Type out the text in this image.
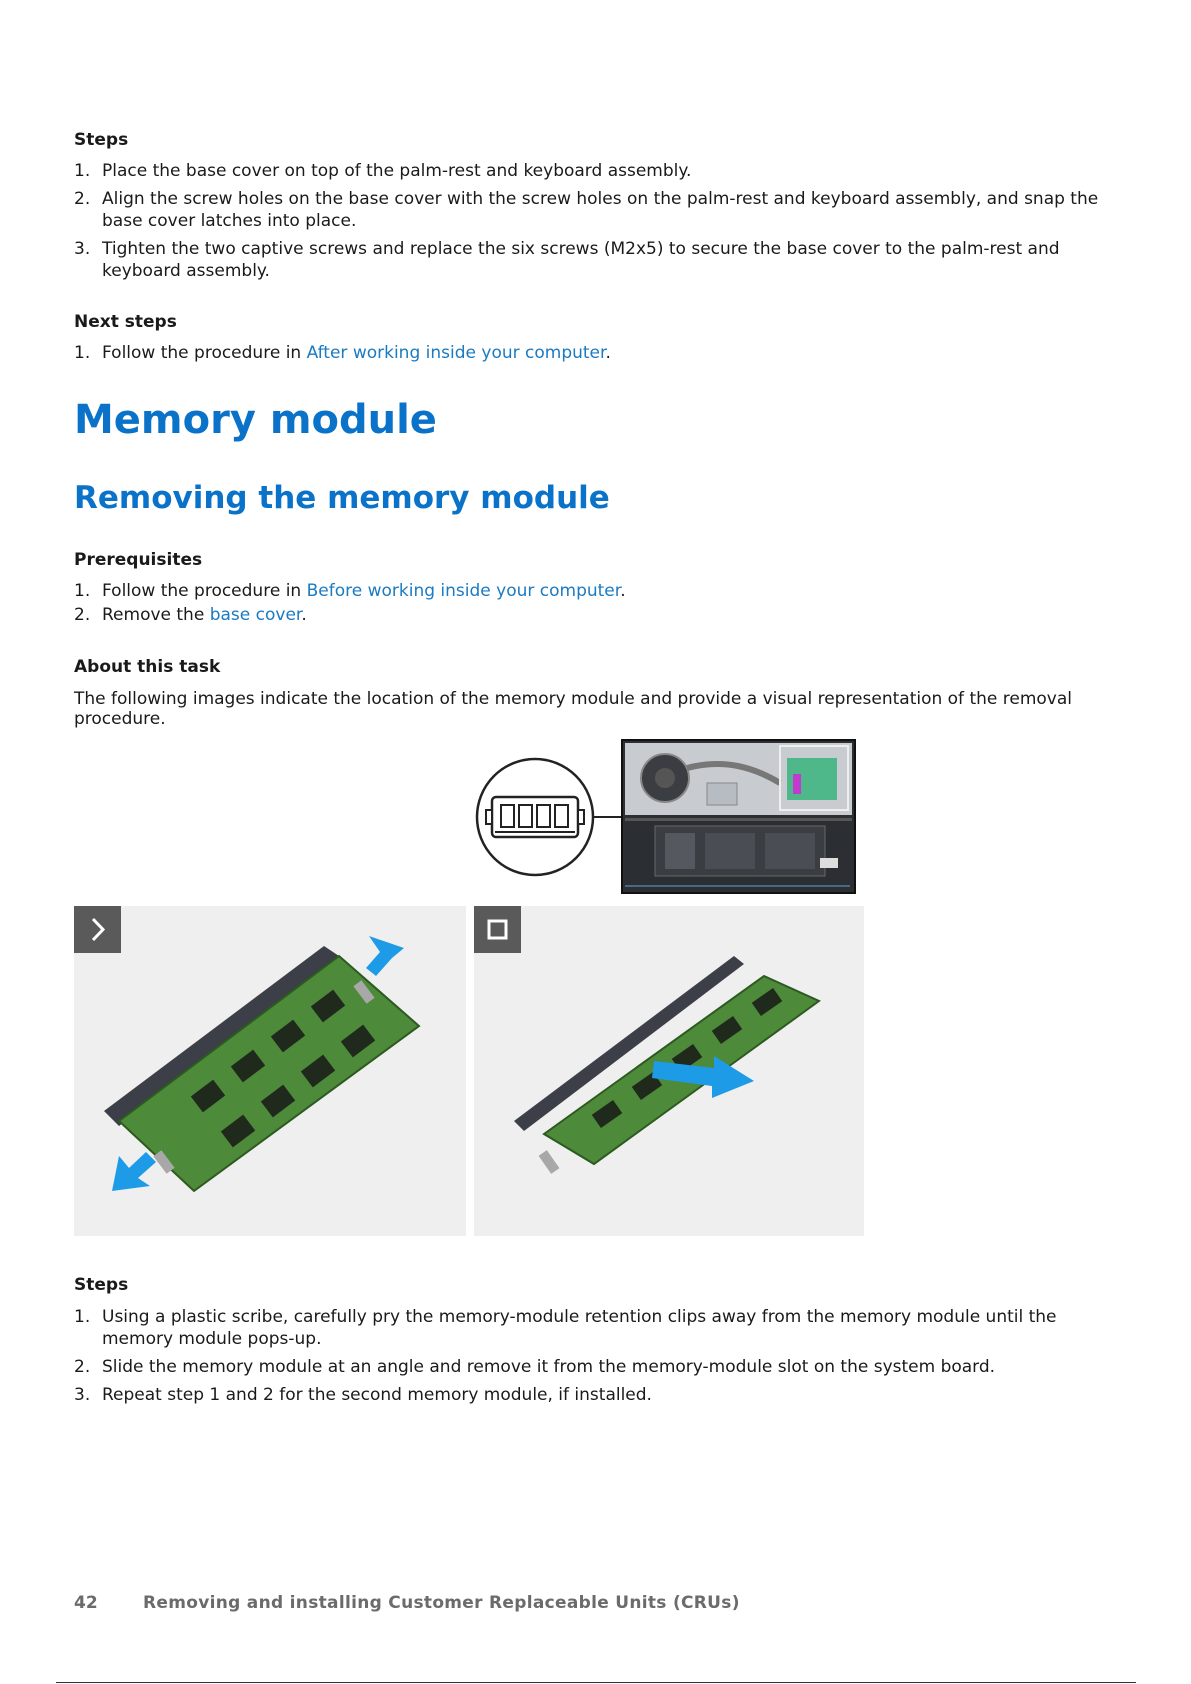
Steps
1. Place the base cover on top of the palm-rest and keyboard assembly.
2. Align the screw holes on the base cover with the screw holes on the palm-rest and keyboard assembly, and snap the base cover latches into place.
3. Tighten the two captive screws and replace the six screws (M2x5) to secure the base cover to the palm-rest and keyboard assembly.
Next steps
1. Follow the procedure in After working inside your computer.
Memory module
Removing the memory module
Prerequisites
1. Follow the procedure in Before working inside your computer.
2. Remove the base cover.
About this task

The following images indicate the location of the memory module and provide a visual representation of the removal procedure.

Steps
1. Using a plastic scribe, carefully pry the memory-module retention clips away from the memory module until the memory module pops-up.
2. Slide the memory module at an angle and remove it from the memory-module slot on the system board.
3. Repeat step 1 and 2 for the second memory module, if installed.
42	Removing and installing Customer Replaceable Units (CRUs)
